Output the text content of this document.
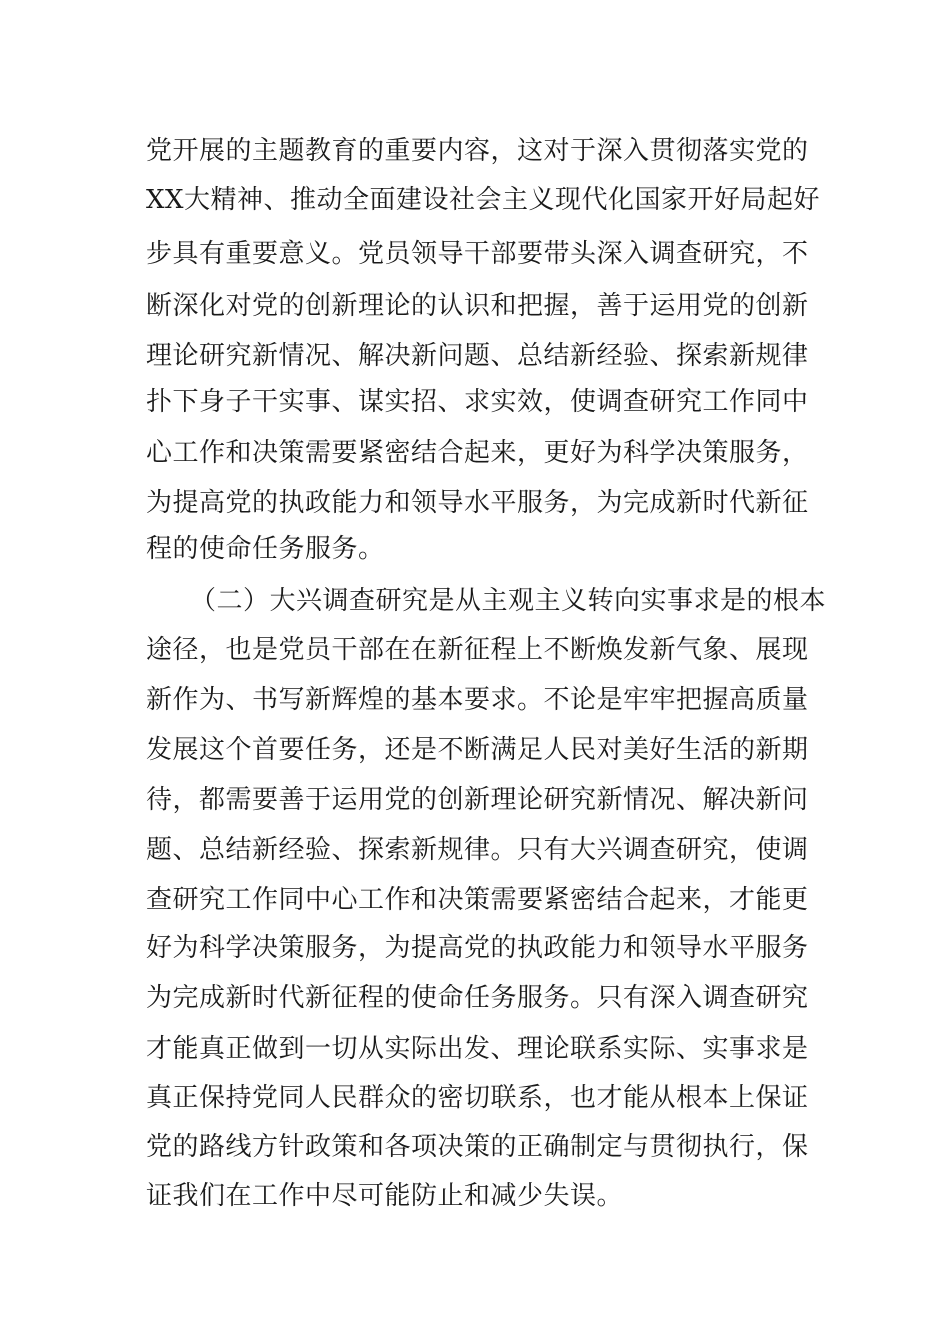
党开展的主题教育的重要内容，这对于深入贯彻落实党的
XX大精神、推动全面建设社会主义现代化国家开好局起好
步具有重要意义。党员领导干部要带头深入调查研究，不
断深化对党的创新理论的认识和把握，善于运用党的创新
理论研究新情况、解决新问题、总结新经验、探索新规律
扑下身子干实事、谋实招、求实效，使调查研究工作同中
心工作和决策需要紧密结合起来，更好为科学决策服务，
为提高党的执政能力和领导水平服务，为完成新时代新征
程的使命任务服务。
（二）大兴调查研究是从主观主义转向实事求是的根本
途径，也是党员干部在在新征程上不断焕发新气象、展现
新作为、书写新辉煌的基本要求。不论是牢牢把握高质量
发展这个首要任务，还是不断满足人民对美好生活的新期
待，都需要善于运用党的创新理论研究新情况、解决新问
题、总结新经验、探索新规律。只有大兴调查研究，使调
查研究工作同中心工作和决策需要紧密结合起来，才能更
好为科学决策服务，为提高党的执政能力和领导水平服务
为完成新时代新征程的使命任务服务。只有深入调查研究
才能真正做到一切从实际出发、理论联系实际、实事求是
真正保持党同人民群众的密切联系，也才能从根本上保证
党的路线方针政策和各项决策的正确制定与贯彻执行，保
证我们在工作中尽可能防止和减少失误。
